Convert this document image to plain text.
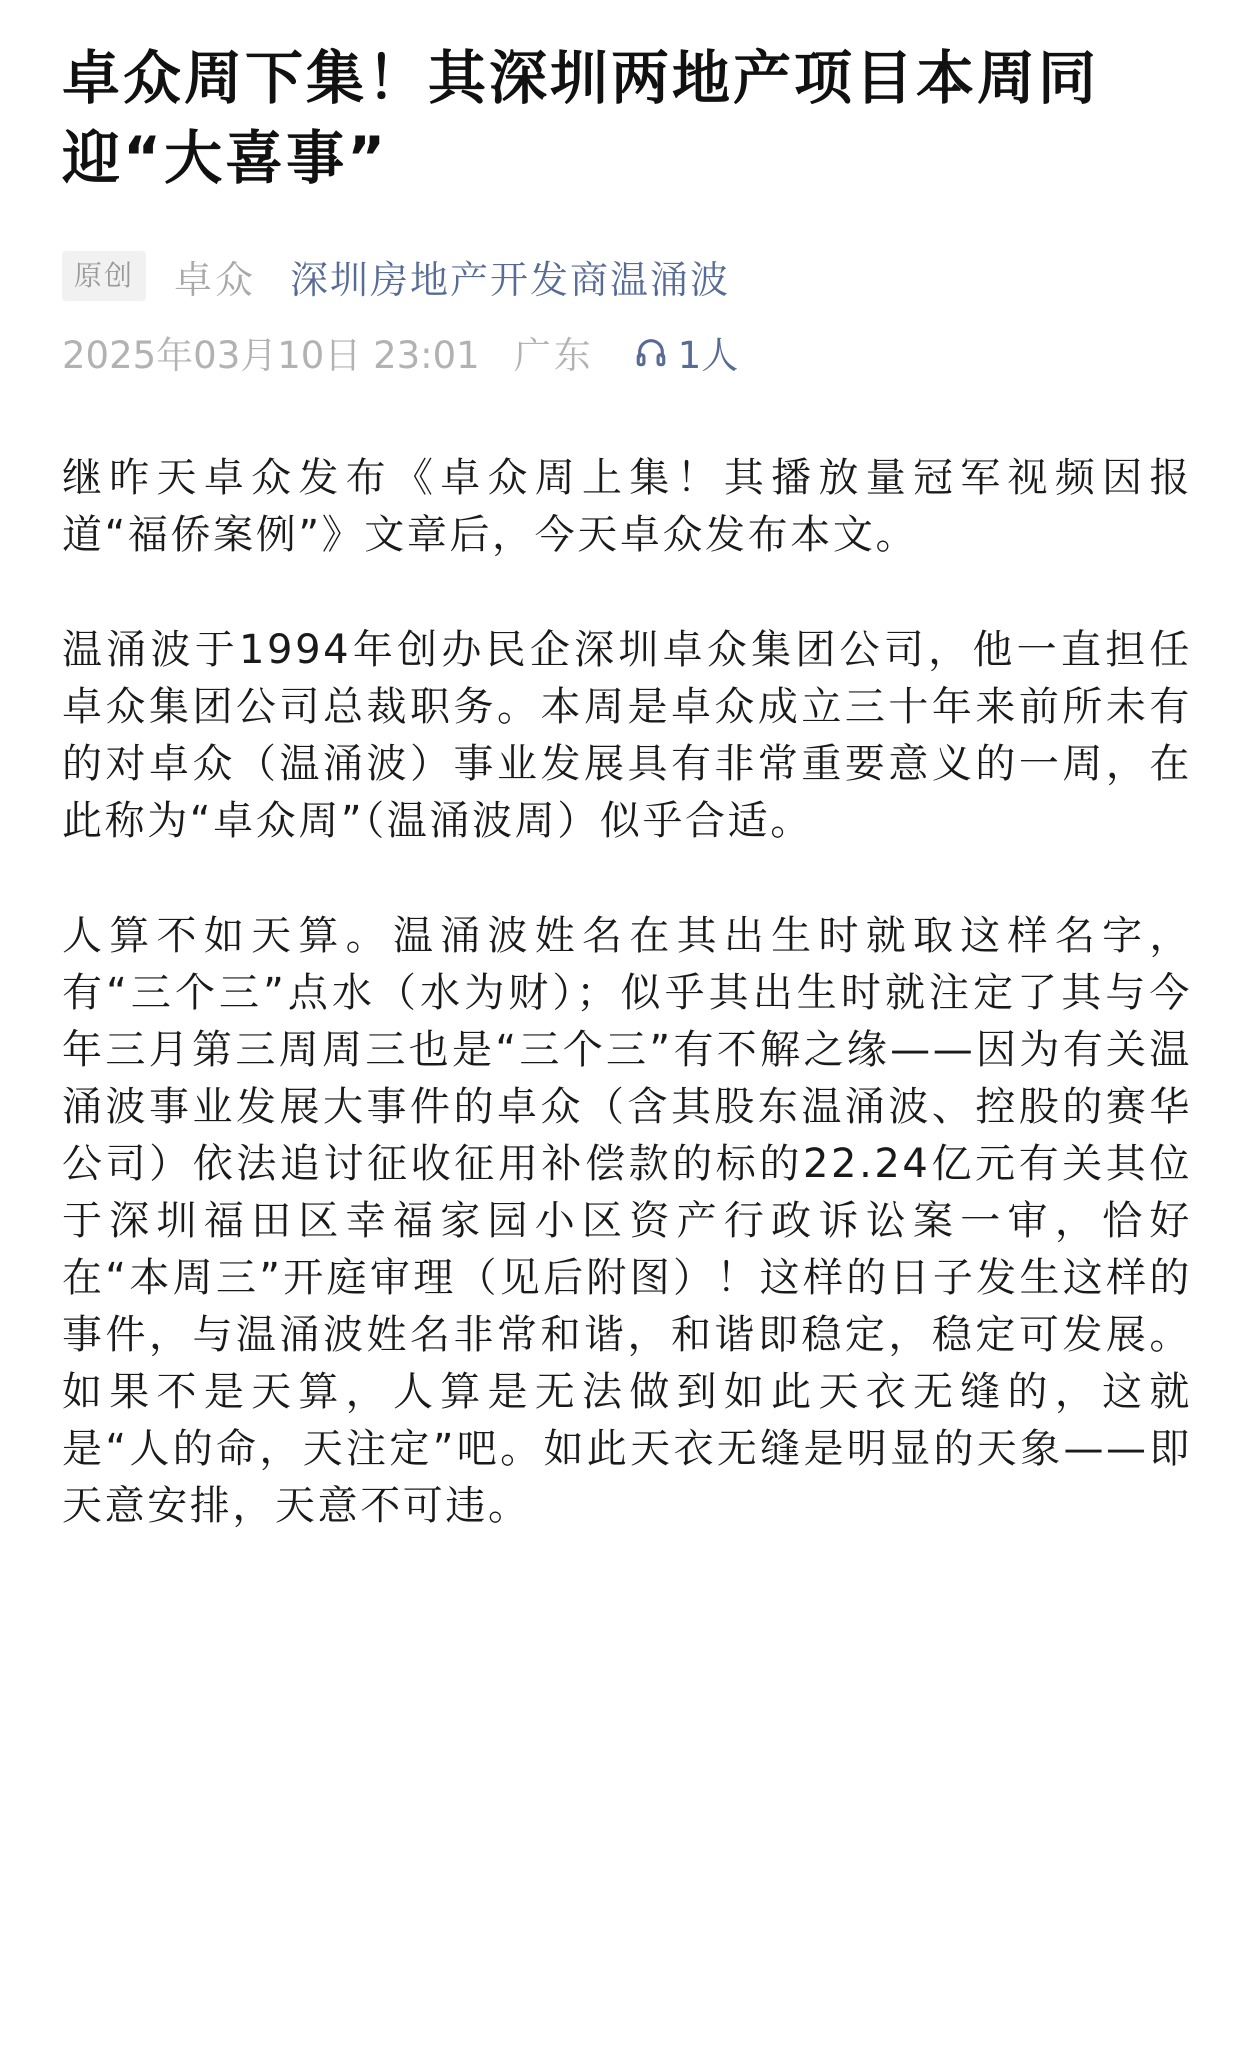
卓众周下集！其深圳两地产项目本周同迎“大喜事”
原创	卓众 深圳房地产开发商温涌波
2025年03月10日 23:01 广东 1人

继昨天卓众发布《卓众周上集！其播放量冠军视频因报道“福侨案例”》文章后，今天卓众发布本文。

温涌波于1994年创办民企深圳卓众集团公司，他一直担任卓众集团公司总裁职务。本周是卓众成立三十年来前所未有的对卓众（温涌波）事业发展具有非常重要意义的一周，在此称为“卓众周”（温涌波周）似乎合适。

人算不如天算。温涌波姓名在其出生时就取这样名字，有“三个三”点水（水为财）；似乎其出生时就注定了其与今年三月第三周周三也是“三个三”有不解之缘——因为有关温涌波事业发展大事件的卓众（含其股东温涌波、控股的赛华公司）依法追讨征收征用补偿款的标的22.24亿元有关其位于深圳福田区幸福家园小区资产行政诉讼案一审，恰好在“本周三”开庭审理（见后附图）！这样的日子发生这样的事件，与温涌波姓名非常和谐，和谐即稳定，稳定可发展。如果不是天算，人算是无法做到如此天衣无缝的，这就是“人的命，天注定”吧。如此天衣无缝是明显的天象——即天意安排，天意不可违。
